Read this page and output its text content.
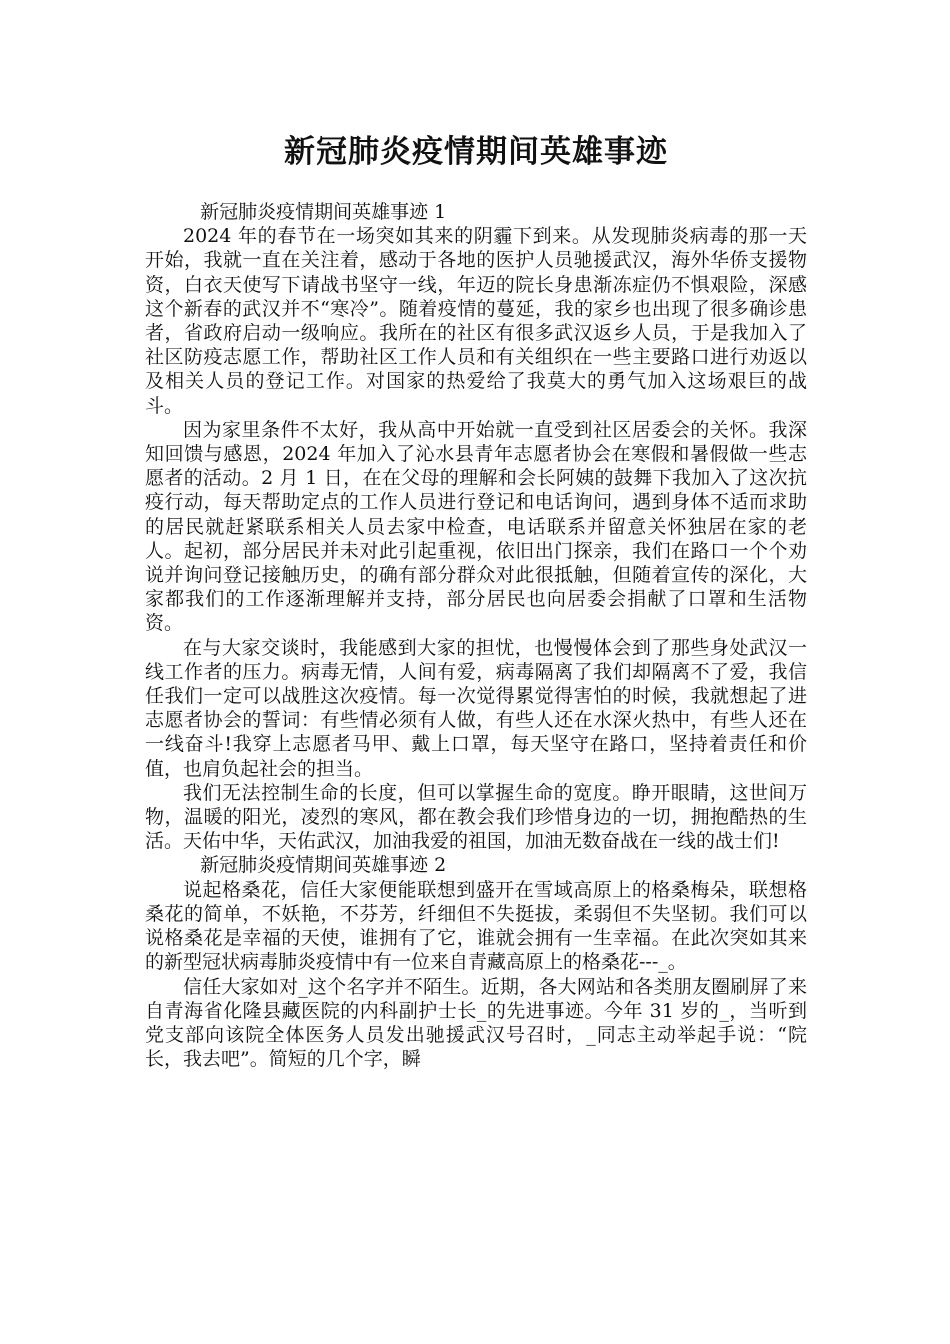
新冠肺炎疫情期间英雄事迹

新冠肺炎疫情期间英雄事迹 1

2024 年的春节在一场突如其来的阴霾下到来。从发现肺炎病毒的那一天开始，我就一直在关注着，感动于各地的医护人员驰援武汉，海外华侨支援物资，白衣天使写下请战书坚守一线，年迈的院长身患渐冻症仍不惧艰险，深感这个新春的武汉并不“寒冷”。随着疫情的蔓延，我的家乡也出现了很多确诊患者，省政府启动一级响应。我所在的社区有很多武汉返乡人员，于是我加入了社区防疫志愿工作，帮助社区工作人员和有关组织在一些主要路口进行劝返以及相关人员的登记工作。对国家的热爱给了我莫大的勇气加入这场艰巨的战斗。

因为家里条件不太好，我从高中开始就一直受到社区居委会的关怀。我深知回馈与感恩，2024 年加入了沁水县青年志愿者协会在寒假和暑假做一些志愿者的活动。2 月 1 日，在在父母的理解和会长阿姨的鼓舞下我加入了这次抗疫行动，每天帮助定点的工作人员进行登记和电话询问，遇到身体不适而求助的居民就赶紧联系相关人员去家中检查，电话联系并留意关怀独居在家的老人。起初，部分居民并未对此引起重视，依旧出门探亲，我们在路口一个个劝说并询问登记接触历史，的确有部分群众对此很抵触，但随着宣传的深化，大家都我们的工作逐渐理解并支持，部分居民也向居委会捐献了口罩和生活物资。

在与大家交谈时，我能感到大家的担忧，也慢慢体会到了那些身处武汉一线工作者的压力。病毒无情，人间有爱，病毒隔离了我们却隔离不了爱，我信任我们一定可以战胜这次疫情。每一次觉得累觉得害怕的时候，我就想起了进志愿者协会的誓词：有些情必须有人做，有些人还在水深火热中，有些人还在一线奋斗!我穿上志愿者马甲、戴上口罩，每天坚守在路口，坚持着责任和价值，也肩负起社会的担当。

我们无法控制生命的长度，但可以掌握生命的宽度。睁开眼睛，这世间万物，温暖的阳光，凌烈的寒风，都在教会我们珍惜身边的一切，拥抱酷热的生活。天佑中华，天佑武汉，加油我爱的祖国，加油无数奋战在一线的战士们!

新冠肺炎疫情期间英雄事迹 2

说起格桑花，信任大家便能联想到盛开在雪域高原上的格桑梅朵，联想格桑花的简单，不妖艳，不芬芳，纤细但不失挺拔，柔弱但不失坚韧。我们可以说格桑花是幸福的天使，谁拥有了它，谁就会拥有一生幸福。在此次突如其来的新型冠状病毒肺炎疫情中有一位来自青藏高原上的格桑花---_。

信任大家如对_这个名字并不陌生。近期，各大网站和各类朋友圈刷屏了来自青海省化隆县藏医院的内科副护士长_的先进事迹。今年 31 岁的_，当听到党支部向该院全体医务人员发出驰援武汉号召时，_同志主动举起手说：“院长，我去吧”。简短的几个字，瞬
